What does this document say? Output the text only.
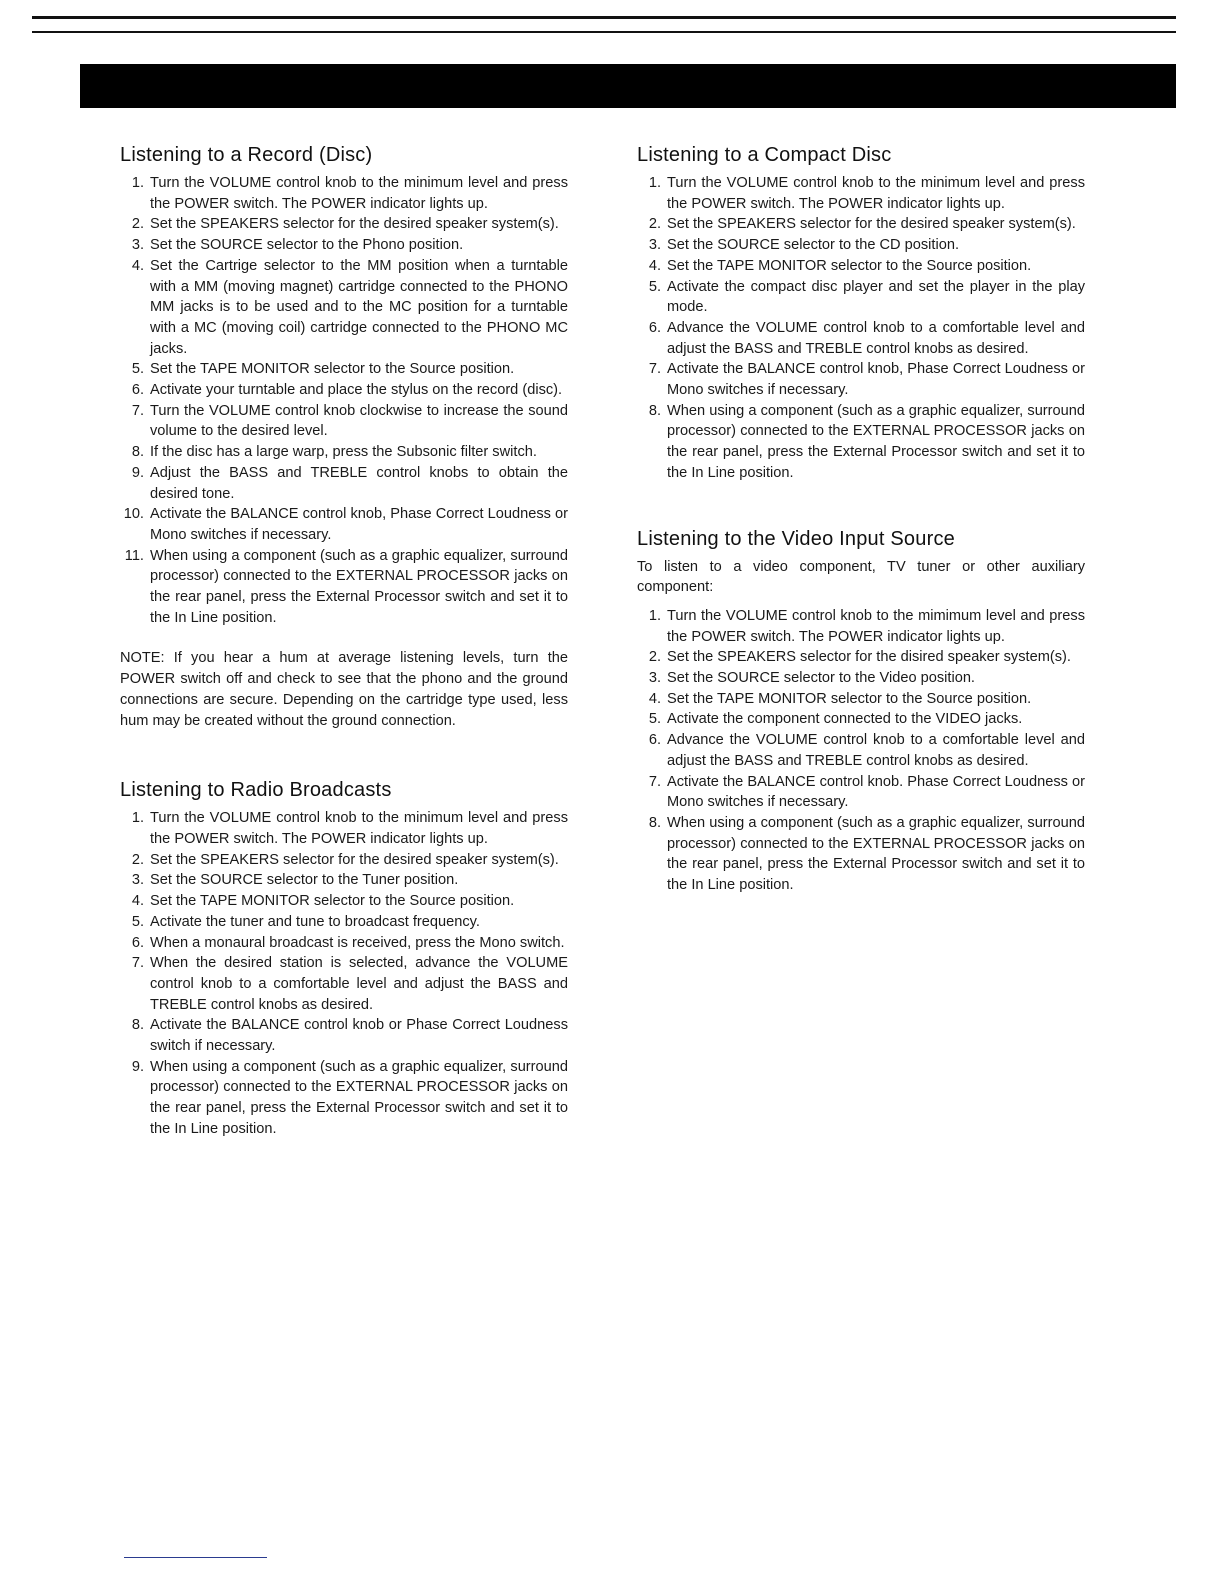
Listening to a Record (Disc)
1. Turn the VOLUME control knob to the minimum level and press the POWER switch. The POWER indicator lights up.
2. Set the SPEAKERS selector for the desired speaker system(s).
3. Set the SOURCE selector to the Phono position.
4. Set the Cartrige selector to the MM position when a turntable with a MM (moving magnet) cartridge connected to the PHONO MM jacks is to be used and to the MC position for a turntable with a MC (moving coil) cartridge connected to the PHONO MC jacks.
5. Set the TAPE MONITOR selector to the Source position.
6. Activate your turntable and place the stylus on the record (disc).
7. Turn the VOLUME control knob clockwise to increase the sound volume to the desired level.
8. If the disc has a large warp, press the Subsonic filter switch.
9. Adjust the BASS and TREBLE control knobs to obtain the desired tone.
10. Activate the BALANCE control knob, Phase Correct Loudness or Mono switches if necessary.
11. When using a component (such as a graphic equalizer, surround processor) connected to the EXTERNAL PROCESSOR jacks on the rear panel, press the External Processor switch and set it to the In Line position.

NOTE: If you hear a hum at average listening levels, turn the POWER switch off and check to see that the phono and the ground connections are secure. Depending on the cartridge type used, less hum may be created without the ground connection.

Listening to Radio Broadcasts
1. Turn the VOLUME control knob to the minimum level and press the POWER switch. The POWER indicator lights up.
2. Set the SPEAKERS selector for the desired speaker system(s).
3. Set the SOURCE selector to the Tuner position.
4. Set the TAPE MONITOR selector to the Source position.
5. Activate the tuner and tune to broadcast frequency.
6. When a monaural broadcast is received, press the Mono switch.
7. When the desired station is selected, advance the VOLUME control knob to a comfortable level and adjust the BASS and TREBLE control knobs as desired.
8. Activate the BALANCE control knob or Phase Correct Loudness switch if necessary.
9. When using a component (such as a graphic equalizer, surround processor) connected to the EXTERNAL PROCESSOR jacks on the rear panel, press the External Processor switch and set it to the In Line position.
Listening to a Compact Disc
1. Turn the VOLUME control knob to the minimum level and press the POWER switch. The POWER indicator lights up.
2. Set the SPEAKERS selector for the desired speaker system(s).
3. Set the SOURCE selector to the CD position.
4. Set the TAPE MONITOR selector to the Source position.
5. Activate the compact disc player and set the player in the play mode.
6. Advance the VOLUME control knob to a comfortable level and adjust the BASS and TREBLE control knobs as desired.
7. Activate the BALANCE control knob, Phase Correct Loudness or Mono switches if necessary.
8. When using a component (such as a graphic equalizer, surround processor) connected to the EXTERNAL PROCESSOR jacks on the rear panel, press the External Processor switch and set it to the In Line position.
Listening to the Video Input Source

To listen to a video component, TV tuner or other auxiliary component:

1. Turn the VOLUME control knob to the mimimum level and press the POWER switch. The POWER indicator lights up.
2. Set the SPEAKERS selector for the disired speaker system(s).
3. Set the SOURCE selector to the Video position.
4. Set the TAPE MONITOR selector to the Source position.
5. Activate the component connected to the VIDEO jacks.
6. Advance the VOLUME control knob to a comfortable level and adjust the BASS and TREBLE control knobs as desired.
7. Activate the BALANCE control knob. Phase Correct Loudness or Mono switches if necessary.
8. When using a component (such as a graphic equalizer, surround processor) connected to the EXTERNAL PROCESSOR jacks on the rear panel, press the External Processor switch and set it to the In Line position.
